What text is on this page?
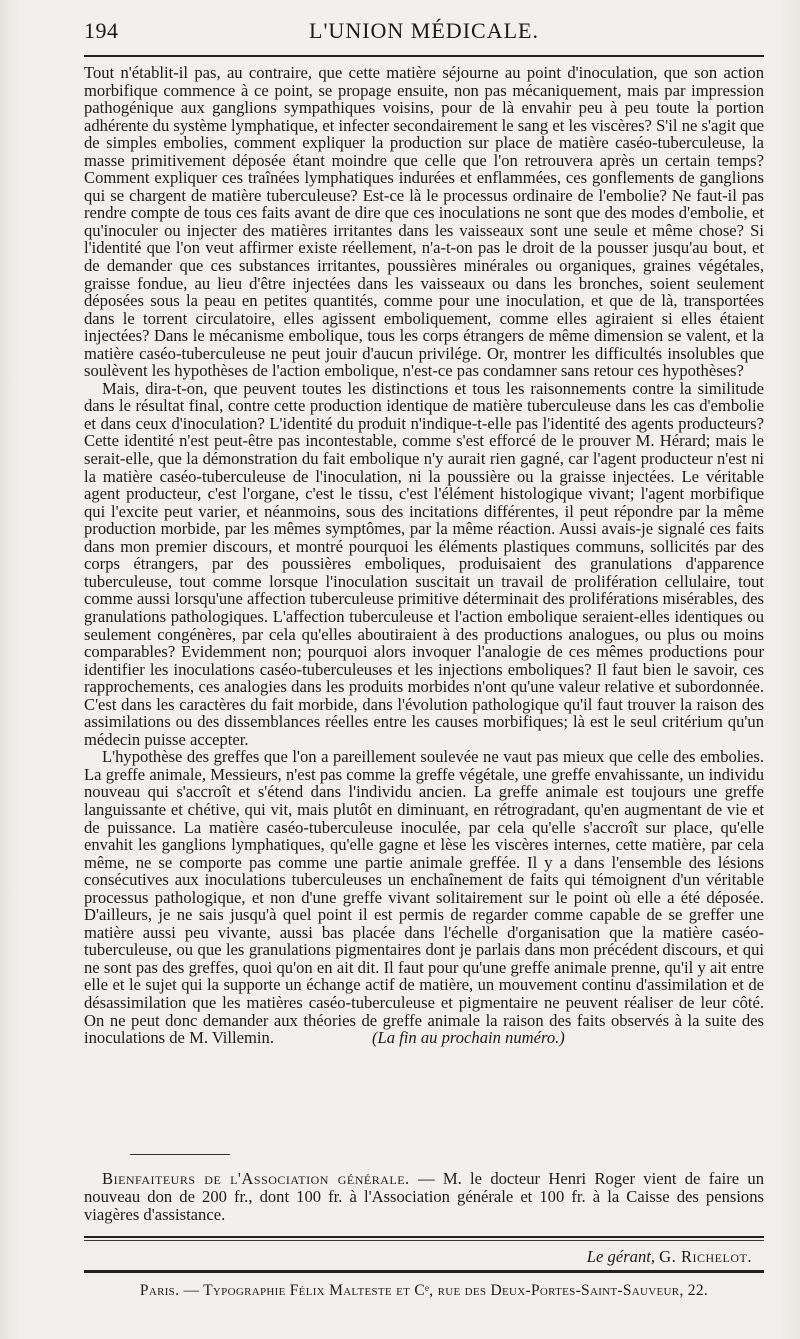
194	L'UNION MÉDICALE.

Tout n'établit-il pas, au contraire, que cette matière séjourne au point d'inoculation, que son action morbifique commence à ce point, se propage ensuite, non pas mécaniquement, mais par impression pathogénique aux ganglions sympathiques voisins, pour de là envahir peu à peu toute la portion adhérente du système lymphatique, et infecter secondairement le sang et les viscères? S'il ne s'agit que de simples embolies, comment expliquer la production sur place de matière caséo-tuberculeuse, la masse primitivement déposée étant moindre que celle que l'on retrouvera après un certain temps? Comment expliquer ces traînées lymphatiques indurées et enflammées, ces gonflements de ganglions qui se chargent de matière tuberculeuse? Est-ce là le processus ordinaire de l'embolie? Ne faut-il pas rendre compte de tous ces faits avant de dire que ces inoculations ne sont que des modes d'embolie, et qu'inoculer ou injecter des matières irritantes dans les vaisseaux sont une seule et même chose? Si l'identité que l'on veut affirmer existe réellement, n'a-t-on pas le droit de la pousser jusqu'au bout, et de demander que ces substances irritantes, poussières minérales ou organiques, graines végétales, graisse fondue, au lieu d'être injectées dans les vaisseaux ou dans les bronches, soient seulement déposées sous la peau en petites quantités, comme pour une inoculation, et que de là, transportées dans le torrent circulatoire, elles agissent emboliquement, comme elles agiraient si elles étaient injectées? Dans le mécanisme embolique, tous les corps étrangers de même dimension se valent, et la matière caséo-tuberculeuse ne peut jouir d'aucun privilége. Or, montrer les difficultés insolubles que soulèvent les hypothèses de l'action embolique, n'est-ce pas condamner sans retour ces hypothèses?

Mais, dira-t-on, que peuvent toutes les distinctions et tous les raisonnements contre la similitude dans le résultat final, contre cette production identique de matière tuberculeuse dans les cas d'embolie et dans ceux d'inoculation? L'identité du produit n'indique-t-elle pas l'identité des agents producteurs? Cette identité n'est peut-être pas incontestable, comme s'est efforcé de le prouver M. Hérard; mais le serait-elle, que la démonstration du fait embolique n'y aurait rien gagné, car l'agent producteur n'est ni la matière caséo-tuberculeuse de l'inoculation, ni la poussière ou la graisse injectées. Le véritable agent producteur, c'est l'organe, c'est le tissu, c'est l'élément histologique vivant; l'agent morbifique qui l'excite peut varier, et néanmoins, sous des incitations différentes, il peut répondre par la même production morbide, par les mêmes symptômes, par la même réaction. Aussi avais-je signalé ces faits dans mon premier discours, et montré pourquoi les éléments plastiques communs, sollicités par des corps étrangers, par des poussières emboliques, produisaient des granulations d'apparence tuberculeuse, tout comme lorsque l'inoculation suscitait un travail de prolifération cellulaire, tout comme aussi lorsqu'une affection tuberculeuse primitive déterminait des proliférations misérables, des granulations pathologiques. L'affection tuberculeuse et l'action embolique seraient-elles identiques ou seulement congénères, par cela qu'elles aboutiraient à des productions analogues, ou plus ou moins comparables? Evidemment non; pourquoi alors invoquer l'analogie de ces mêmes productions pour identifier les inoculations caséo-tuberculeuses et les injections emboliques? Il faut bien le savoir, ces rapprochements, ces analogies dans les produits morbides n'ont qu'une valeur relative et subordonnée. C'est dans les caractères du fait morbide, dans l'évolution pathologique qu'il faut trouver la raison des assimilations ou des dissemblances réelles entre les causes morbifiques; là est le seul critérium qu'un médecin puisse accepter.

L'hypothèse des greffes que l'on a pareillement soulevée ne vaut pas mieux que celle des embolies. La greffe animale, Messieurs, n'est pas comme la greffe végétale, une greffe envahissante, un individu nouveau qui s'accroît et s'étend dans l'individu ancien. La greffe animale est toujours une greffe languissante et chétive, qui vit, mais plutôt en diminuant, en rétrogradant, qu'en augmentant de vie et de puissance. La matière caséo-tuberculeuse inoculée, par cela qu'elle s'accroît sur place, qu'elle envahit les ganglions lymphatiques, qu'elle gagne et lèse les viscères internes, cette matière, par cela même, ne se comporte pas comme une partie animale greffée. Il y a dans l'ensemble des lésions consécutives aux inoculations tuberculeuses un enchaînement de faits qui témoignent d'un véritable processus pathologique, et non d'une greffe vivant solitairement sur le point où elle a été déposée. D'ailleurs, je ne sais jusqu'à quel point il est permis de regarder comme capable de se greffer une matière aussi peu vivante, aussi bas placée dans l'échelle d'organisation que la matière caséo-tuberculeuse, ou que les granulations pigmentaires dont je parlais dans mon précédent discours, et qui ne sont pas des greffes, quoi qu'on en ait dit. Il faut pour qu'une greffe animale prenne, qu'il y ait entre elle et le sujet qui la supporte un échange actif de matière, un mouvement continu d'assimilation et de désassimilation que les matières caséo-tuberculeuse et pigmentaire ne peuvent réaliser de leur côté. On ne peut donc demander aux théories de greffe animale la raison des faits observés à la suite des inoculations de M. Villemin.	(La fin au prochain numéro.)

Bienfaiteurs de l'Association générale. — M. le docteur Henri Roger vient de faire un nouveau don de 200 fr., dont 100 fr. à l'Association générale et 100 fr. à la Caisse des pensions viagères d'assistance.

Le gérant, G. Richelot.
Paris. — Typographie Félix Malteste et Cᵉ, rue des Deux-Portes-Saint-Sauveur, 22.
